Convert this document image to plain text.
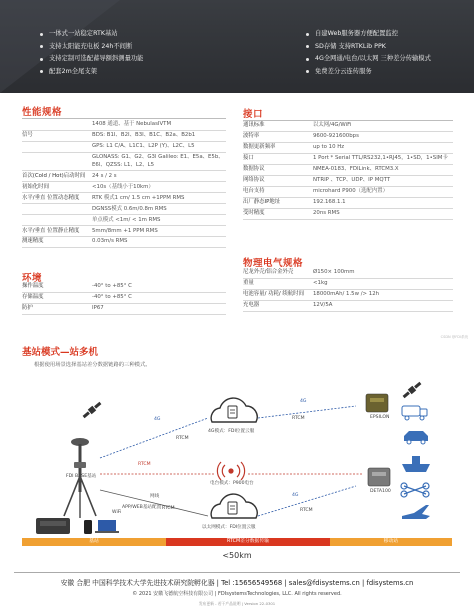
一体式一站稳定RTK基站
支持太阳能充电板 24h不间断
支持定制可选配蓄导额斜测量功能
配套2m全尾支架
自建Web服务器方便配置监控
SD存储 支持RTKLib PPK
4G全网通/电台/以太网 三种差分传输模式
免费差分云连传服务
性能规格
1408 通道、基于 NebulasIVTM
信号	BDS: B1I、B2I、B3I、B1C、B2a、B2b1
GPS: L1 C/A、L1C1、L2P (Y)、L2C、L5
GLONASS: G1、G2、G3l Galileo: E1、E5a、E5b、E6l、QZSS: L1、L2、L5
首次(Cold / Hot)启动时间	24 s / 2 s
初始化时间	<10s（基线小于10km）
水平/垂直 位置动态精度	RTK 模式1 cm/ 1.5 cm +1PPM RMS
DGNSS模式 0.6m/0.8m RMS
单点模式 <1m/ < 1m RMS
水平/垂直 位置静止精度	5mm/8mm +1 PPM RMS
测速精度	0.03m/s RMS
环境
操作温度	-40° to +85° C
存储温度	-40° to +85° C
防护	IP67
接口
通讯标准	以太网/4G/WiFi
波特率	9600-921600bps
数据更新频率	up to 10 Hz
接口	1 Port * Serial TTL/RS232,1•RJ45，1•SD，1•SIM卡
数据协议	NMEA-0183、FDILink、RTCM3.X
网络协议	NTRIP 、TCP、UDP、IP MQTT
电台支持	microhard P900（选配内置）
出厂静态IP地址	192.168.1.1
受时精度	20ns RMS
物理电气规格
尼龙外壳/铝合金外壳	Ø150× 100mm
重量	<1kg
电池容量/ 功耗/ 续航时间	18000mAh/ 1.5w /> 12h
充电器	12V/5A
基站模式—站多机
根据使用场景选择基站差分数据链路的三种模式。
4G
RTCM
4G模式：FDI位置云服
4G
RTCM
RTCM
电台模式：P900电台
网线
RTCM
以太网模式：FDI位置云服
4G
RTCM
FDI BASE基站
APP/WEB基站配置
WiFi
EPSILON
DETA100
基站	RTCM差分数据传输	移动站
<50km
安徽 合肥 中国科学技术大学先进技术研究院孵化器 | Tel :15656549568 | sales@fdisystems.cn | fdisystems.cn
© 2021 安徽飞德航空科技有限公司 | FDIsystemsTechnologies, LLC. All rights reserved.
发布更新 - 若干产品说明 | Version 22-0301
CSDN @FDI系统
